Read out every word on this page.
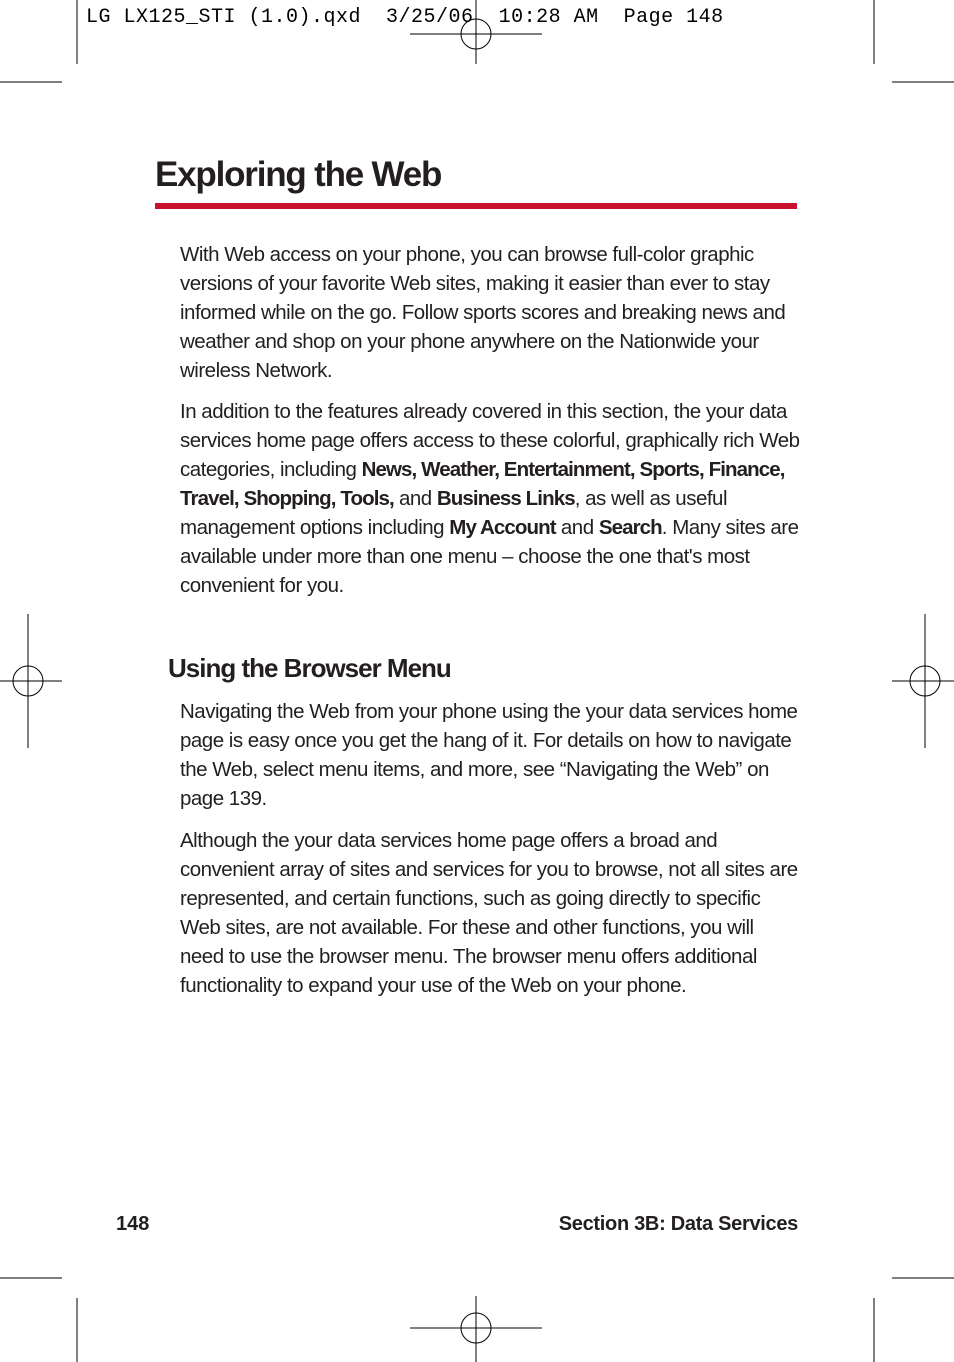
LG LX125_STI (1.0).qxd  3/25/06  10:28 AM  Page 148
Exploring the Web

With Web access on your phone, you can browse full-color graphic versions of your favorite Web sites, making it easier than ever to stay informed while on the go. Follow sports scores and breaking news and weather and shop on your phone anywhere on the Nationwide your wireless Network.

In addition to the features already covered in this section, the your data services home page offers access to these colorful, graphically rich Web categories, including News, Weather, Entertainment, Sports, Finance, Travel, Shopping, Tools, and Business Links, as well as useful management options including My Account and Search. Many sites are available under more than one menu – choose the one that's most convenient for you.

Using the Browser Menu

Navigating the Web from your phone using the your data services home page is easy once you get the hang of it. For details on how to navigate the Web, select menu items, and more, see “Navigating the Web” on page 139.

Although the your data services home page offers a broad and convenient array of sites and services for you to browse, not all sites are represented, and certain functions, such as going directly to specific Web sites, are not available. For these and other functions, you will need to use the browser menu. The browser menu offers additional functionality to expand your use of the Web on your phone.

148	Section 3B: Data Services
